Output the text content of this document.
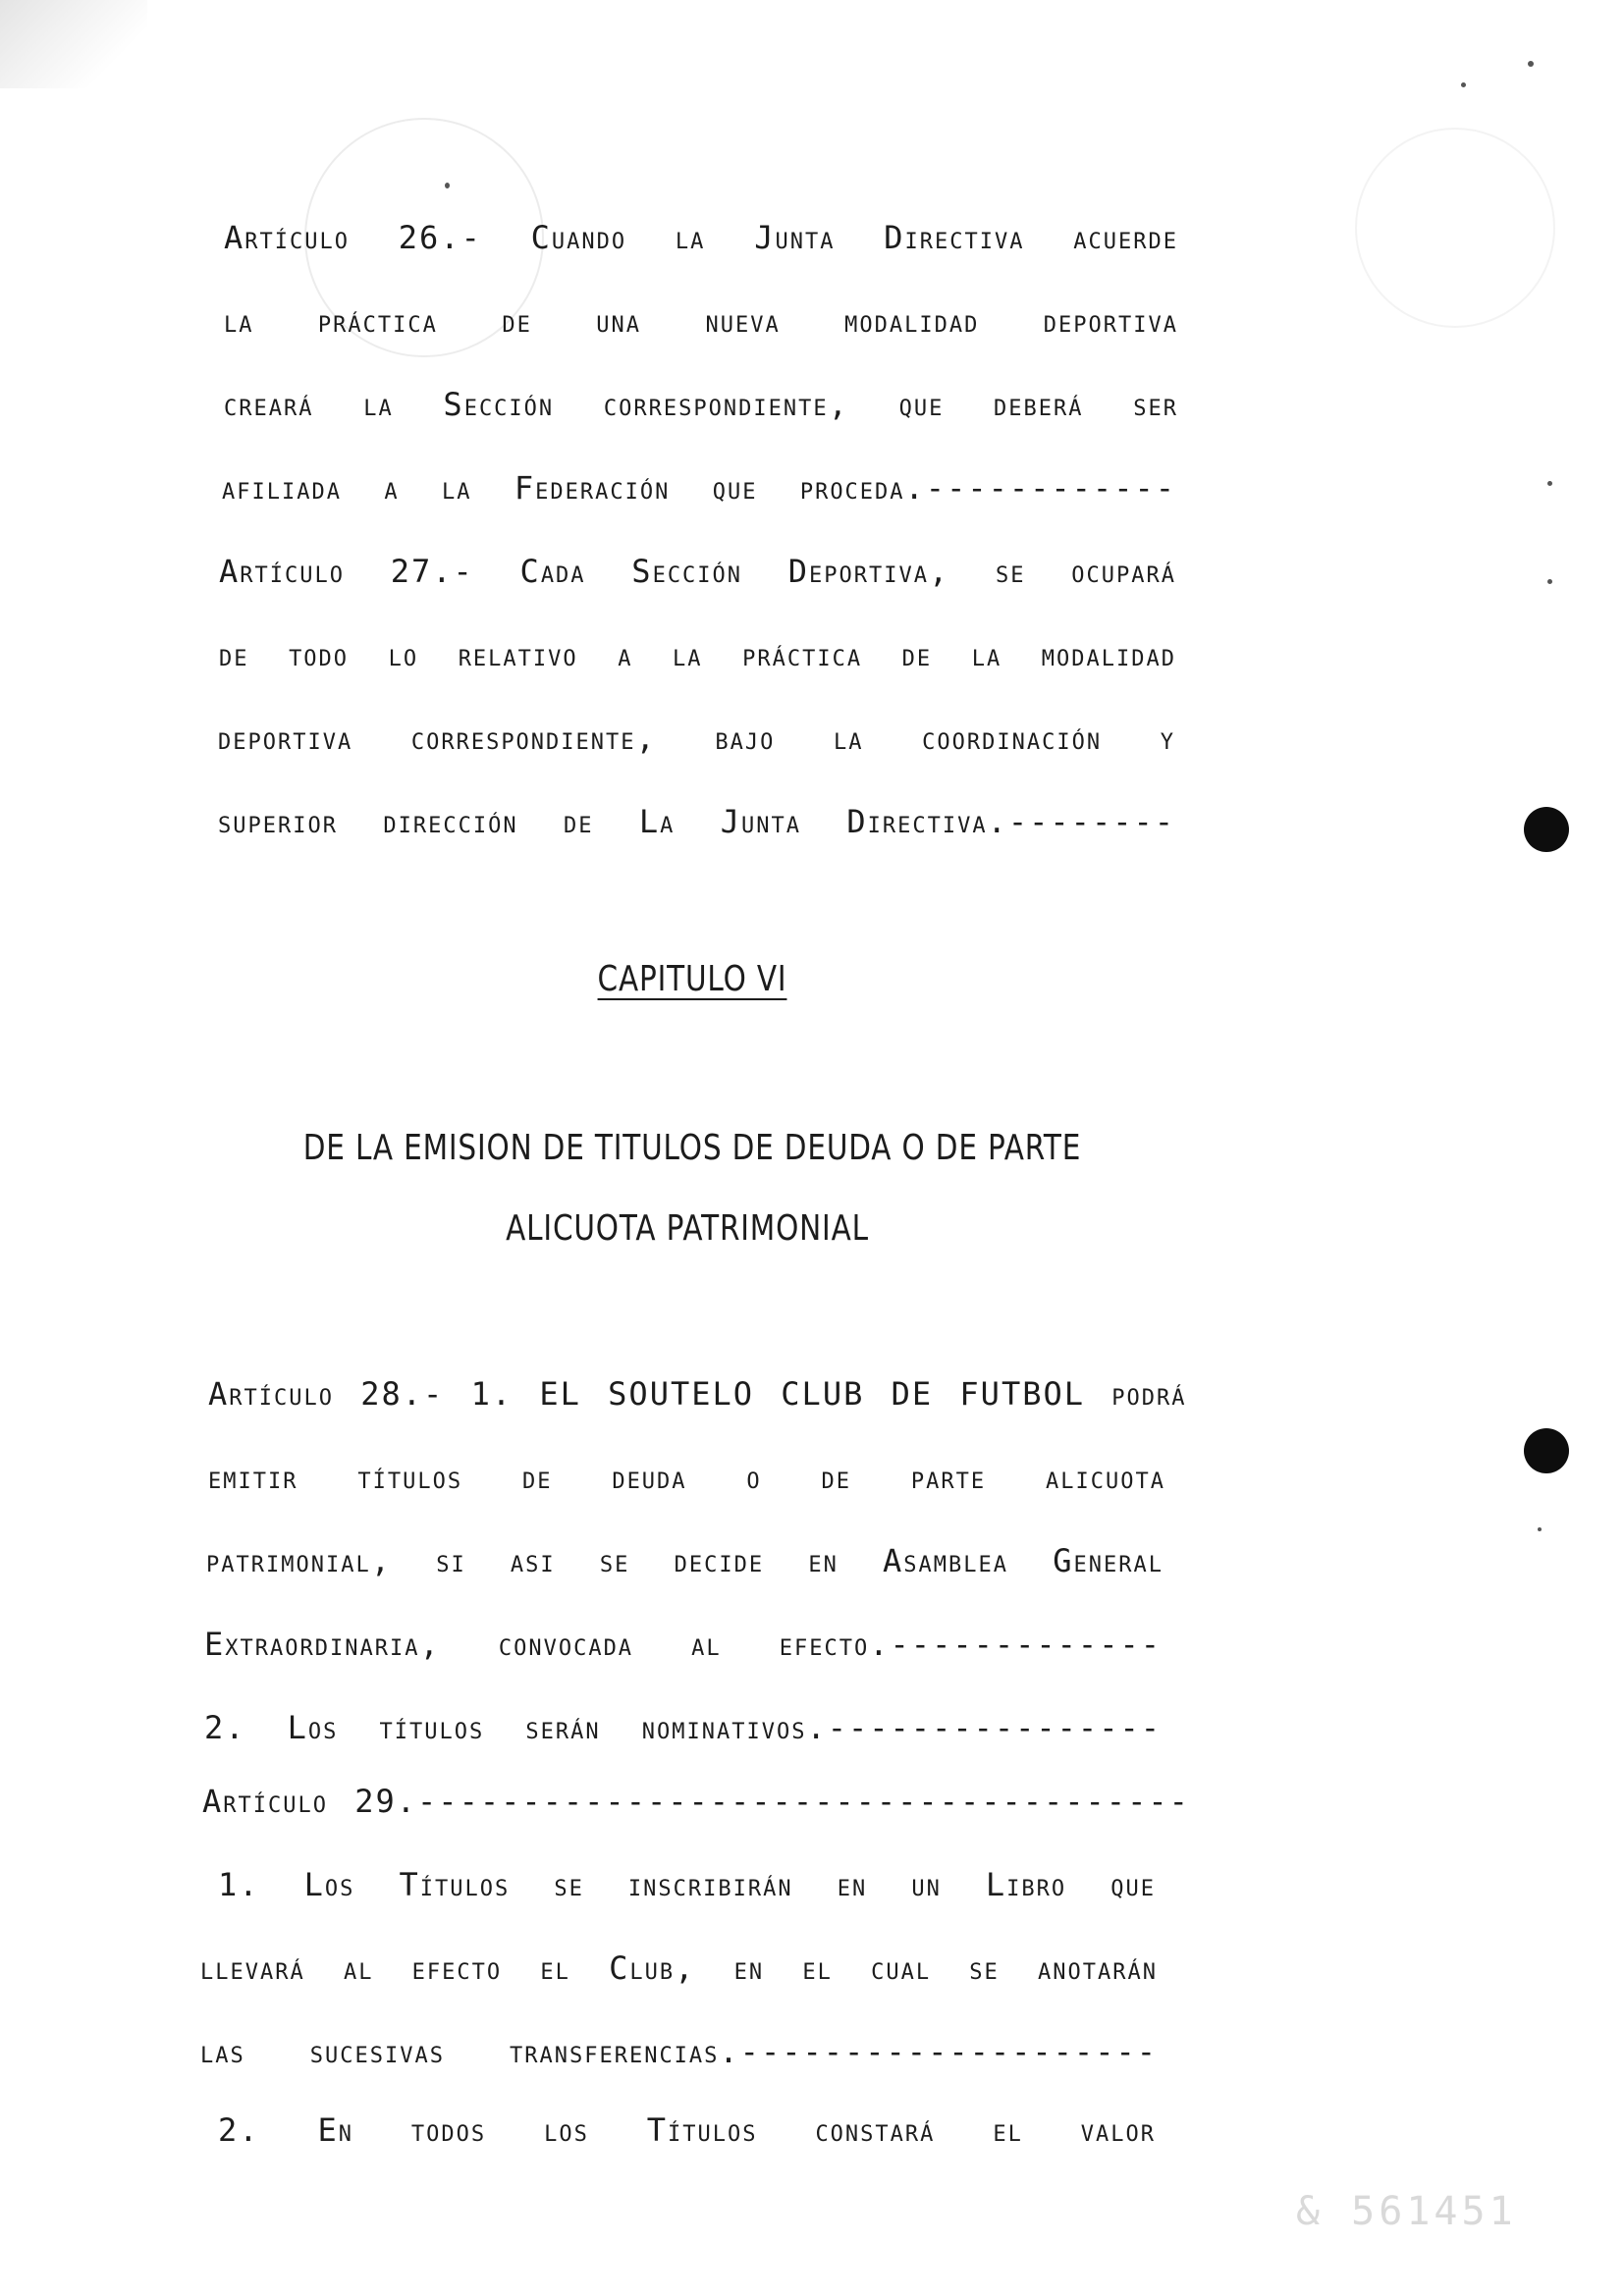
Artículo 26.- Cuando la Junta Directiva acuerde
la práctica de una nueva modalidad deportiva
creará la Sección correspondiente, que deberá ser
afiliada a la Federación que proceda.------------
Artículo 27.- Cada Sección Deportiva, se ocupará
de todo lo relativo a la práctica de la modalidad
deportiva correspondiente, bajo la coordinación y
superior dirección de La Junta Directiva.--------
CAPITULO VI
DE LA EMISION DE TITULOS DE DEUDA O DE PARTE
ALICUOTA PATRIMONIAL
Artículo 28.- 1. EL SOUTELO CLUB DE FUTBOL podrá
emitir títulos de deuda o de parte alicuota
patrimonial, si asi se decide en Asamblea General
Extraordinaria, convocada al efecto.-------------
2. Los títulos serán nominativos.----------------
Artículo 29.-------------------------------------
1. Los Títulos se inscribirán en un Libro que
llevará al efecto el Club, en el cual se anotarán
las sucesivas transferencias.--------------------
2. En todos los Títulos constará el valor
& 561451
